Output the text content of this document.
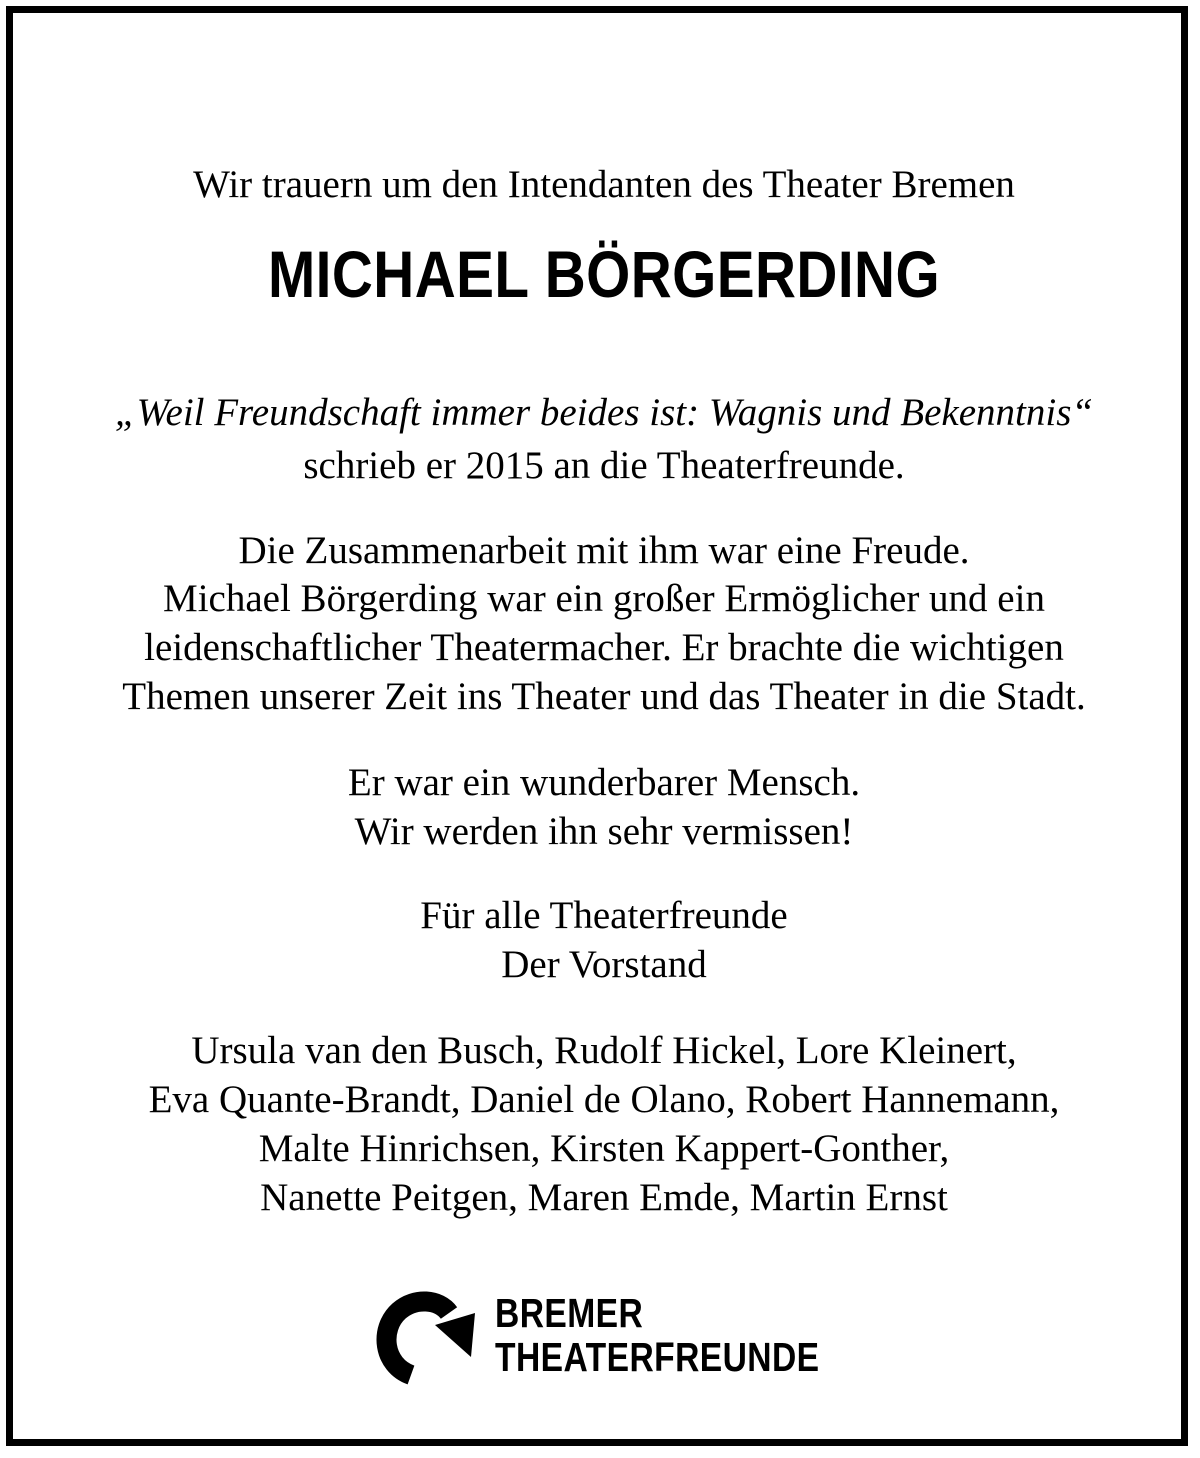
Wir trauern um den Intendanten des Theater Bremen
MICHAEL BÖRGERDING
„Weil Freundschaft immer beides ist: Wagnis und Bekenntnis“
schrieb er 2015 an die Theaterfreunde.
Die Zusammenarbeit mit ihm war eine Freude.
Michael Börgerding war ein großer Ermöglicher und ein
leidenschaftlicher Theatermacher. Er brachte die wichtigen
Themen unserer Zeit ins Theater und das Theater in die Stadt.
Er war ein wunderbarer Mensch.
Wir werden ihn sehr vermissen!
Für alle Theaterfreunde
Der Vorstand
Ursula van den Busch, Rudolf Hickel, Lore Kleinert,
Eva Quante-Brandt, Daniel de Olano, Robert Hannemann,
Malte Hinrichsen, Kirsten Kappert-Gonther,
Nanette Peitgen, Maren Emde, Martin Ernst
BREMER
THEATERFREUNDE
